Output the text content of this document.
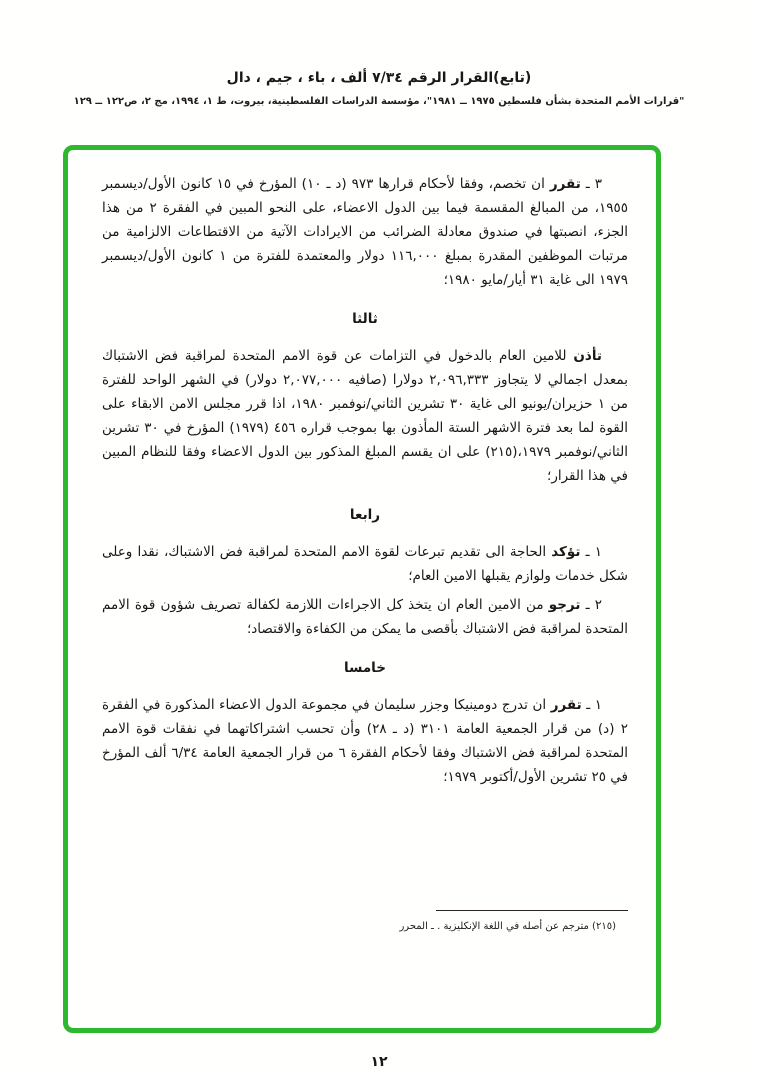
(تابع)القرار الرقم ٧/٣٤ ألف ، باء ، جيم ، دال
"قرارات الأمم المتحدة بشأن فلسطين ١٩٧٥ ــ ١٩٨١"، مؤسسة الدراسات الفلسطينية، بيروت، ط ١، ١٩٩٤، مج ٢، ص١٢٢ ــ ١٢٩

٣ ـ تقرر ان تخصم، وفقا لأحكام قرارها ٩٧٣ (د ـ ١٠) المؤرخ في ١٥ كانون الأول/ديسمبر ١٩٥٥، من المبالغ المقسمة فيما بين الدول الاعضاء، على النحو المبين في الفقرة ٢ من هذا الجزء، انصبتها في صندوق معادلة الضرائب من الايرادات الآتية من الاقتطاعات الالزامية من مرتبات الموظفين المقدرة بمبلغ ١١٦,٠٠٠ دولار والمعتمدة للفترة من ١ كانون الأول/ديسمبر ١٩٧٩ الى غاية ٣١ أيار/مايو ١٩٨٠؛

ثالثا

تأذن للامين العام بالدخول في التزامات عن قوة الامم المتحدة لمراقبة فض الاشتباك بمعدل اجمالي لا يتجاوز ٢,٠٩٦,٣٣٣ دولارا (صافيه ٢,٠٧٧,٠٠٠ دولار) في الشهر الواحد للفترة من ١ حزيران/يونيو الى غاية ٣٠ تشرين الثاني/نوفمبر ١٩٨٠، اذا قرر مجلس الامن الابقاء على القوة لما بعد فترة الاشهر الستة المأذون بها بموجب قراره ٤٥٦ (١٩٧٩) المؤرخ في ٣٠ تشرين الثاني/نوفمبر ١٩٧٩،(٢١٥) على ان يقسم المبلغ المذكور بين الدول الاعضاء وفقا للنظام المبين في هذا القرار؛

رابعا

١ ـ تؤكد الحاجة الى تقديم تبرعات لقوة الامم المتحدة لمراقبة فض الاشتباك، نقدا وعلى شكل خدمات ولوازم يقبلها الامين العام؛

٢ ـ ترجو من الامين العام ان يتخذ كل الاجراءات اللازمة لكفالة تصريف شؤون قوة الامم المتحدة لمراقبة فض الاشتباك بأقصى ما يمكن من الكفاءة والاقتصاد؛

خامسا

١ ـ تقرر ان تدرج دومينيكا وجزر سليمان في مجموعة الدول الاعضاء المذكورة في الفقرة ٢ (د) من قرار الجمعية العامة ٣١٠١ (د ـ ٢٨) وأن تحسب اشتراكاتهما في نفقات قوة الامم المتحدة لمراقبة فض الاشتباك وفقا لأحكام الفقرة ٦ من قرار الجمعية العامة ٦/٣٤ ألف المؤرخ في ٢٥ تشرين الأول/أكتوبر ١٩٧٩؛

(٢١٥) مترجم عن أصله في اللغة الإنكليزية . ـ المحرر
١٢
